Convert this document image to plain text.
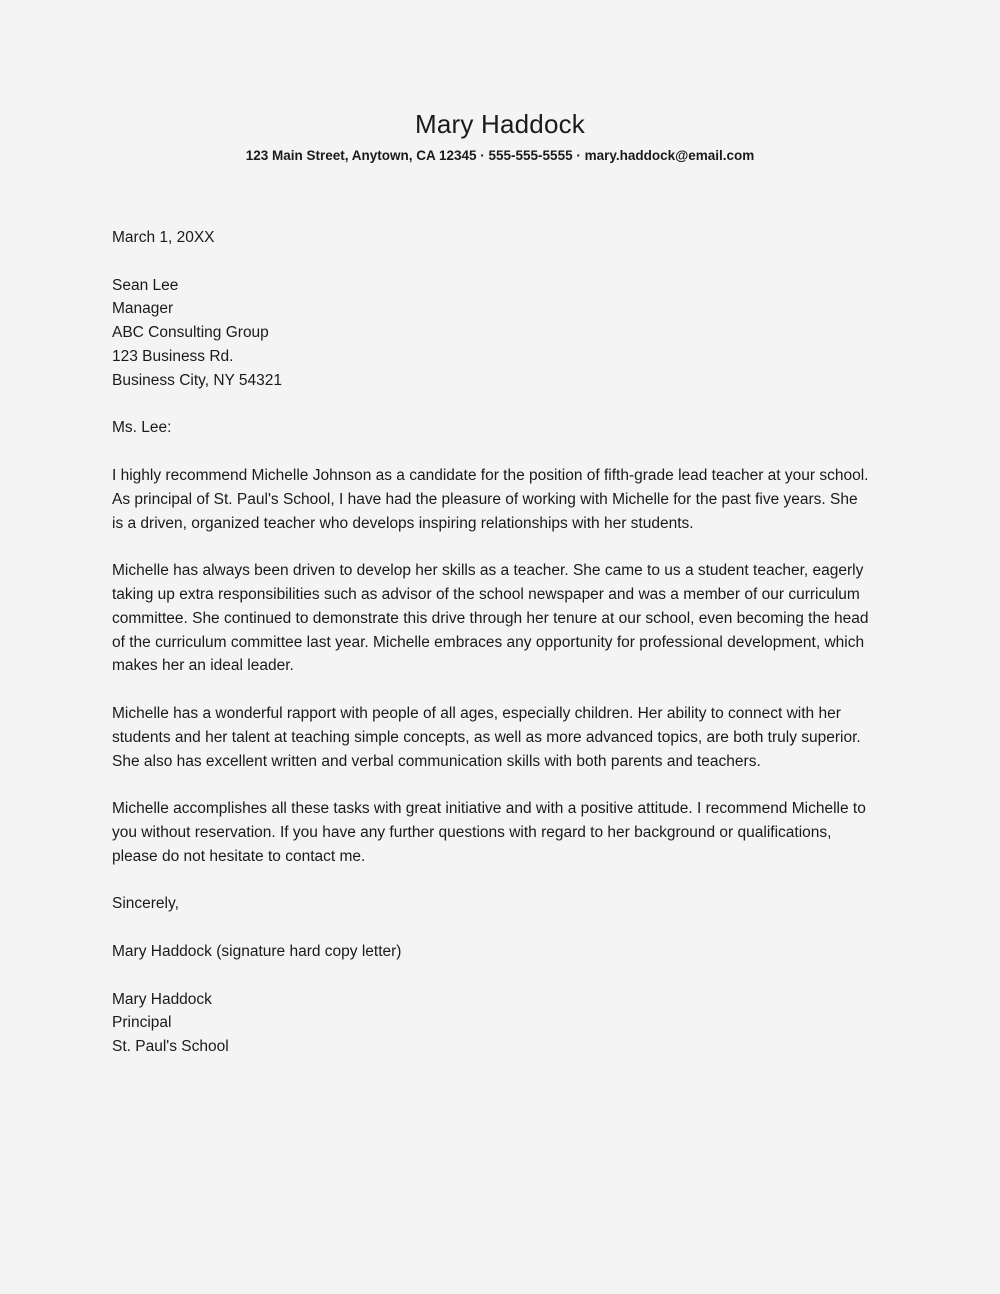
Mary Haddock

123 Main Street, Anytown, CA 12345 · 555-555-5555 · mary.haddock@email.com

March 1, 20XX
Sean Lee
Manager
ABC Consulting Group
123 Business Rd.
Business City, NY 54321
Ms. Lee:

I highly recommend Michelle Johnson as a candidate for the position of fifth-grade lead teacher at your school. As principal of St. Paul's School, I have had the pleasure of working with Michelle for the past five years. She is a driven, organized teacher who develops inspiring relationships with her students.

Michelle has always been driven to develop her skills as a teacher. She came to us a student teacher, eagerly taking up extra responsibilities such as advisor of the school newspaper and was a member of our curriculum committee. She continued to demonstrate this drive through her tenure at our school, even becoming the head of the curriculum committee last year. Michelle embraces any opportunity for professional development, which makes her an ideal leader.

Michelle has a wonderful rapport with people of all ages, especially children. Her ability to connect with her students and her talent at teaching simple concepts, as well as more advanced topics, are both truly superior. She also has excellent written and verbal communication skills with both parents and teachers.

Michelle accomplishes all these tasks with great initiative and with a positive attitude. I recommend Michelle to you without reservation. If you have any further questions with regard to her background or qualifications, please do not hesitate to contact me.

Sincerely,
Mary Haddock (signature hard copy letter)
Mary Haddock
Principal
St. Paul's School
